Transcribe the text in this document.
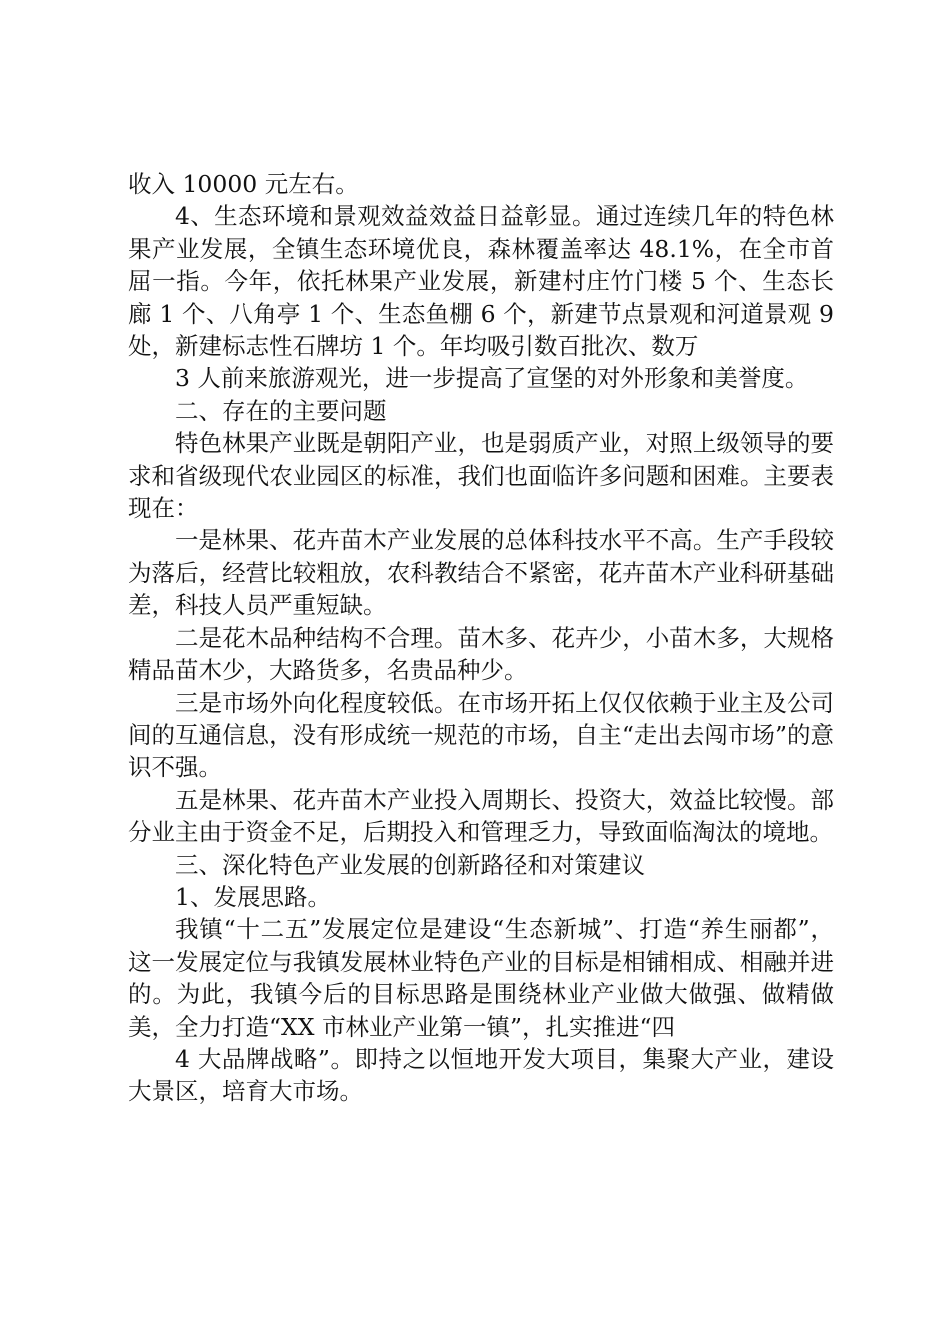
收入 10000 元左右。

4、生态环境和景观效益效益日益彰显。通过连续几年的特色林果产业发展，全镇生态环境优良，森林覆盖率达 48.1%，在全市首屈一指。今年，依托林果产业发展，新建村庄竹门楼 5 个、生态长廊 1 个、八角亭 1 个、生态鱼棚 6 个，新建节点景观和河道景观 9 处，新建标志性石牌坊 1 个。年均吸引数百批次、数万

3 人前来旅游观光，进一步提高了宣堡的对外形象和美誉度。

二、存在的主要问题

特色林果产业既是朝阳产业，也是弱质产业，对照上级领导的要求和省级现代农业园区的标准，我们也面临许多问题和困难。主要表现在：

一是林果、花卉苗木产业发展的总体科技水平不高。生产手段较为落后，经营比较粗放，农科教结合不紧密，花卉苗木产业科研基础差，科技人员严重短缺。

二是花木品种结构不合理。苗木多、花卉少，小苗木多，大规格精品苗木少，大路货多，名贵品种少。

三是市场外向化程度较低。在市场开拓上仅仅依赖于业主及公司间的互通信息，没有形成统一规范的市场，自主“走出去闯市场”的意识不强。

五是林果、花卉苗木产业投入周期长、投资大，效益比较慢。部分业主由于资金不足，后期投入和管理乏力，导致面临淘汰的境地。

三、深化特色产业发展的创新路径和对策建议

1、发展思路。

我镇“十二五”发展定位是建设“生态新城”、打造“养生丽都”，这一发展定位与我镇发展林业特色产业的目标是相铺相成、相融并进的。为此，我镇今后的目标思路是围绕林业产业做大做强、做精做美，全力打造“XX 市林业产业第一镇”，扎实推进“四

4 大品牌战略”。即持之以恒地开发大项目，集聚大产业，建设大景区，培育大市场。
